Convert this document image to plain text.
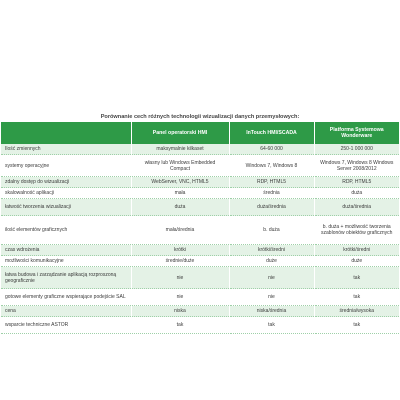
Porównanie cech różnych technologii wizualizacji danych przemysłowych:
	Panel operatorski HMI	InTouch HMI/SCADA	Platforma Systemowa Wonderware
Ilość zmiennych	maksymalnie kilkaset	64-60 000	250-1 000 000
systemy operacyjne	własny lub Windows Embedded Compact	Windows 7, Windows 8	Windows 7, Windows 8 Windows Server 2008/2012
zdalny dostęp do wizualizacji	WebServer, VNC, HTML5	RDP, HTML5	RDP, HTML5
skalowalność aplikacji	mała	średnia	duża
łatwość tworzenia wizualizacji	duża	duża/średnia	duża/średnia
ilość elementów graficznych	mała/średnia	b. duża	b. duża + możliwość tworzenia szablonów obiektów graficznych
czas wdrożenia	krótki	krótki/średni	krótki/średni
możliwości komunikacyjne	średnie/duże	duże	duże
łatwa budowa i zarządzanie aplikacją rozproszoną geograficznie	nie	nie	tak
gotowe elementy graficzne wspierające podejście SAL	nie	nie	tak
cena	niska	niska/średnia	średnia/wysoka
wsparcie techniczne ASTOR	tak	tak	tak
